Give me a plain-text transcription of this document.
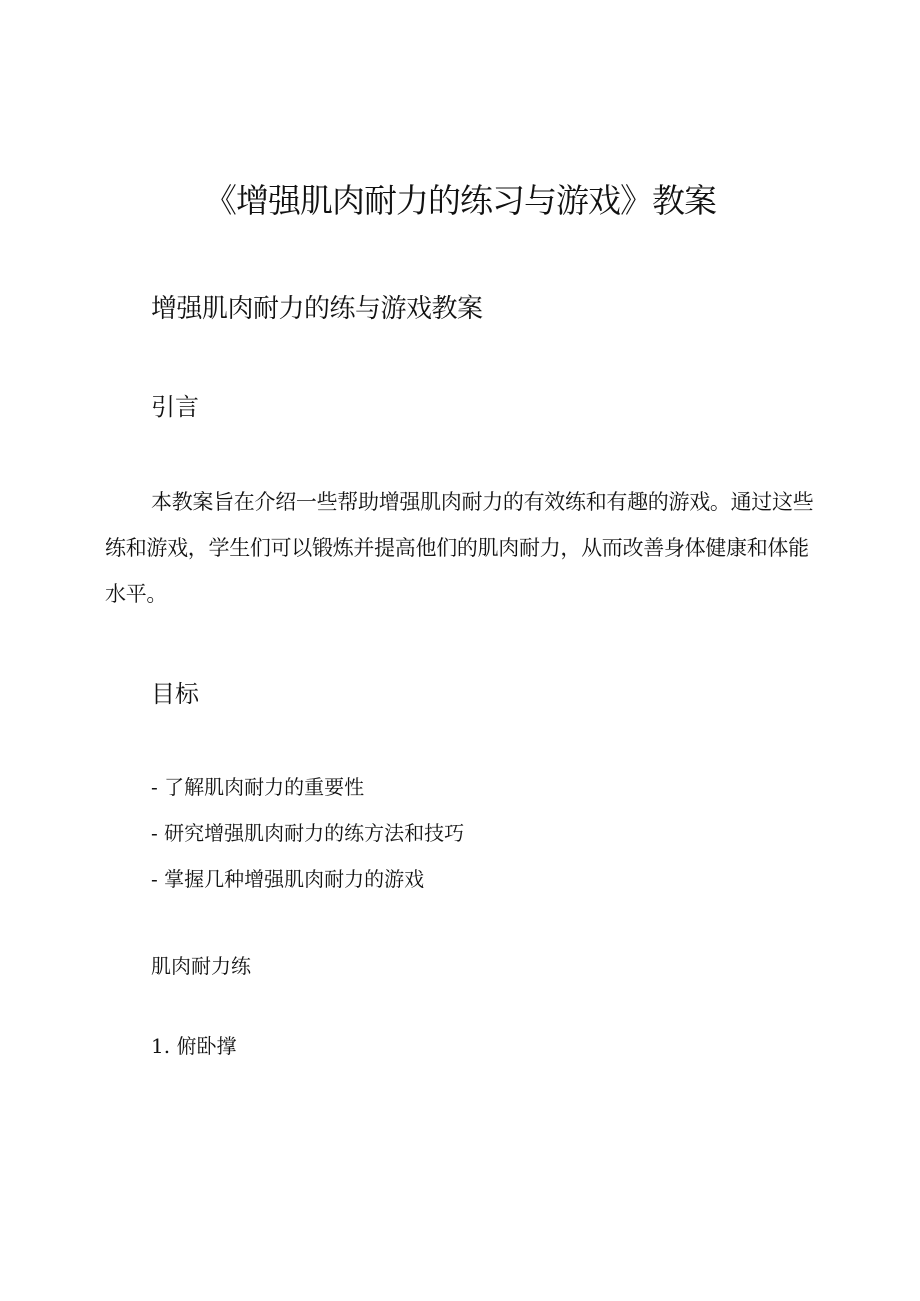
《增强肌肉耐力的练习与游戏》教案
增强肌肉耐力的练与游戏教案
引言

本教案旨在介绍一些帮助增强肌肉耐力的有效练和有趣的游戏。通过这些练和游戏，学生们可以锻炼并提高他们的肌肉耐力，从而改善身体健康和体能水平。

目标
- 了解肌肉耐力的重要性
- 研究增强肌肉耐力的练方法和技巧
- 掌握几种增强肌肉耐力的游戏

肌肉耐力练

1. 俯卧撑
